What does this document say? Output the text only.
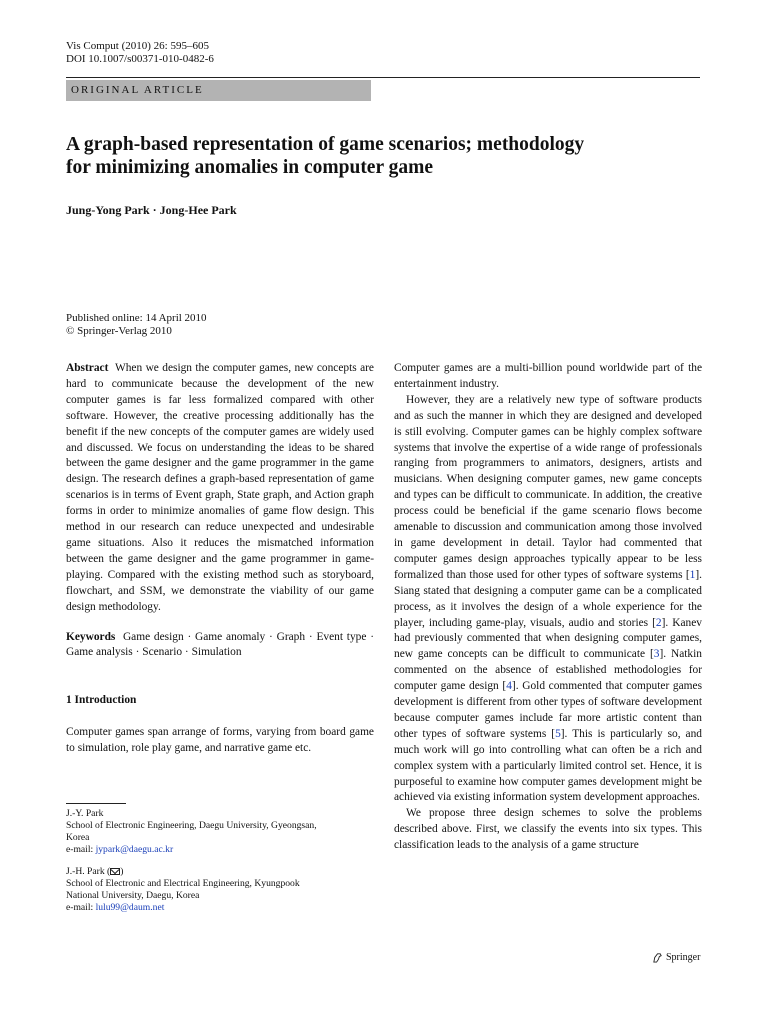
Vis Comput (2010) 26: 595–605
DOI 10.1007/s00371-010-0482-6
ORIGINAL ARTICLE
A graph-based representation of game scenarios; methodology
for minimizing anomalies in computer game
Jung-Yong Park · Jong-Hee Park
Published online: 14 April 2010
© Springer-Verlag 2010

Abstract When we design the computer games, new concepts are hard to communicate because the development of the new computer games is far less formalized compared with other software. However, the creative processing additionally has the benefit if the new concepts of the computer games are widely used and discussed. We focus on understanding the ideas to be shared between the game designer and the game programmer in the game design. The research defines a graph-based representation of game scenarios is in terms of Event graph, State graph, and Action graph forms in order to minimize anomalies of game flow design. This method in our research can reduce unexpected and undesirable game situations. Also it reduces the mismatched information between the game designer and the game programmer in game-playing. Compared with the existing method such as storyboard, flowchart, and SSM, we demonstrate the viability of our game design methodology.

Keywords Game design · Game anomaly · Graph · Event type · Game analysis · Scenario · Simulation

1 Introduction

Computer games span arrange of forms, varying from board game to simulation, role play game, and narrative game etc.

J.-Y. Park

School of Electronic Engineering, Daegu University, Gyeongsan,

Korea

e-mail: jypark@daegu.ac.kr

J.-H. Park ( )

School of Electronic and Electrical Engineering, Kyungpook

National University, Daegu, Korea

e-mail: lulu99@daum.net

Computer games are a multi-billion pound worldwide part of the entertainment industry.

However, they are a relatively new type of software products and as such the manner in which they are designed and developed is still evolving. Computer games can be highly complex software systems that involve the expertise of a wide range of professionals ranging from programmers to animators, designers, artists and musicians. When designing computer games, new game concepts and types can be difficult to communicate. In addition, the creative process could be beneficial if the game scenario flows become amenable to discussion and communication among those involved in game development in detail. Taylor had commented that computer games design approaches typically appear to be less formalized than those used for other types of software systems [1]. Siang stated that designing a computer game can be a complicated process, as it involves the design of a whole experience for the player, including game-play, visuals, audio and stories [2]. Kanev had previously commented that when designing computer games, new game concepts can be difficult to communicate [3]. Natkin commented on the absence of established methodologies for computer game design [4]. Gold commented that computer games development is different from other types of software development because computer games include far more artistic content than other types of software systems [5]. This is particularly so, and much work will go into controlling what can often be a rich and complex system with a particularly limited control set. Hence, it is purposeful to examine how computer games development might be achieved via existing information system development approaches.

We propose three design schemes to solve the problems described above. First, we classify the events into six types. This classification leads to the analysis of a game structure

Springer
